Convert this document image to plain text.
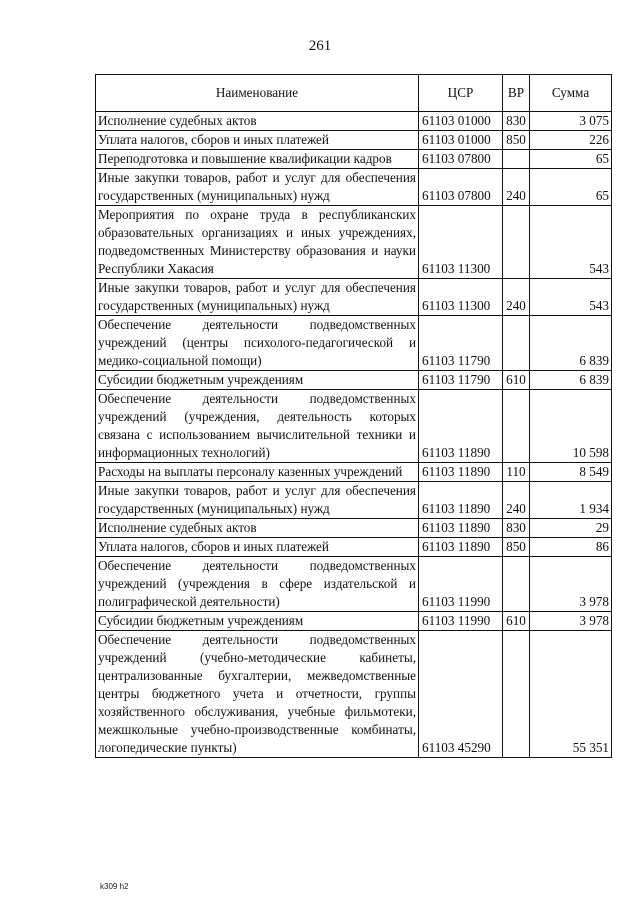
261
Наименование	ЦСР	ВР	Сумма
Исполнение судебных актов	61103 01000	830	3 075
Уплата налогов, сборов и иных платежей	61103 01000	850	226
Переподготовка и повышение квалификации кадров	61103 07800		65
Иные закупки товаров, работ и услуг для обеспечения государственных (муниципальных) нужд	61103 07800	240	65
Мероприятия по охране труда в республиканских образовательных организациях и иных учреждениях, подведомственных Министерству образования и науки Республики Хакасия	61103 11300		543
Иные закупки товаров, работ и услуг для обеспечения государственных (муниципальных) нужд	61103 11300	240	543
Обеспечение деятельности подведомственных учреждений (центры психолого-педагогической и медико-социальной помощи)	61103 11790		6 839
Субсидии бюджетным учреждениям	61103 11790	610	6 839
Обеспечение деятельности подведомственных учреждений (учреждения, деятельность которых связана с использованием вычислительной техники и информационных технологий)	61103 11890		10 598
Расходы на выплаты персоналу казенных учреждений	61103 11890	110	8 549
Иные закупки товаров, работ и услуг для обеспечения государственных (муниципальных) нужд	61103 11890	240	1 934
Исполнение судебных актов	61103 11890	830	29
Уплата налогов, сборов и иных платежей	61103 11890	850	86
Обеспечение деятельности подведомственных учреждений (учреждения в сфере издательской и полиграфической деятельности)	61103 11990		3 978
Субсидии бюджетным учреждениям	61103 11990	610	3 978
Обеспечение деятельности подведомственных учреждений (учебно-методические кабинеты, централизованные бухгалтерии, межведомственные центры бюджетного учета и отчетности, группы хозяйственного обслуживания, учебные фильмотеки, межшкольные учебно-производственные комбинаты, логопедические пункты)	61103 45290		55 351
k309 h2
